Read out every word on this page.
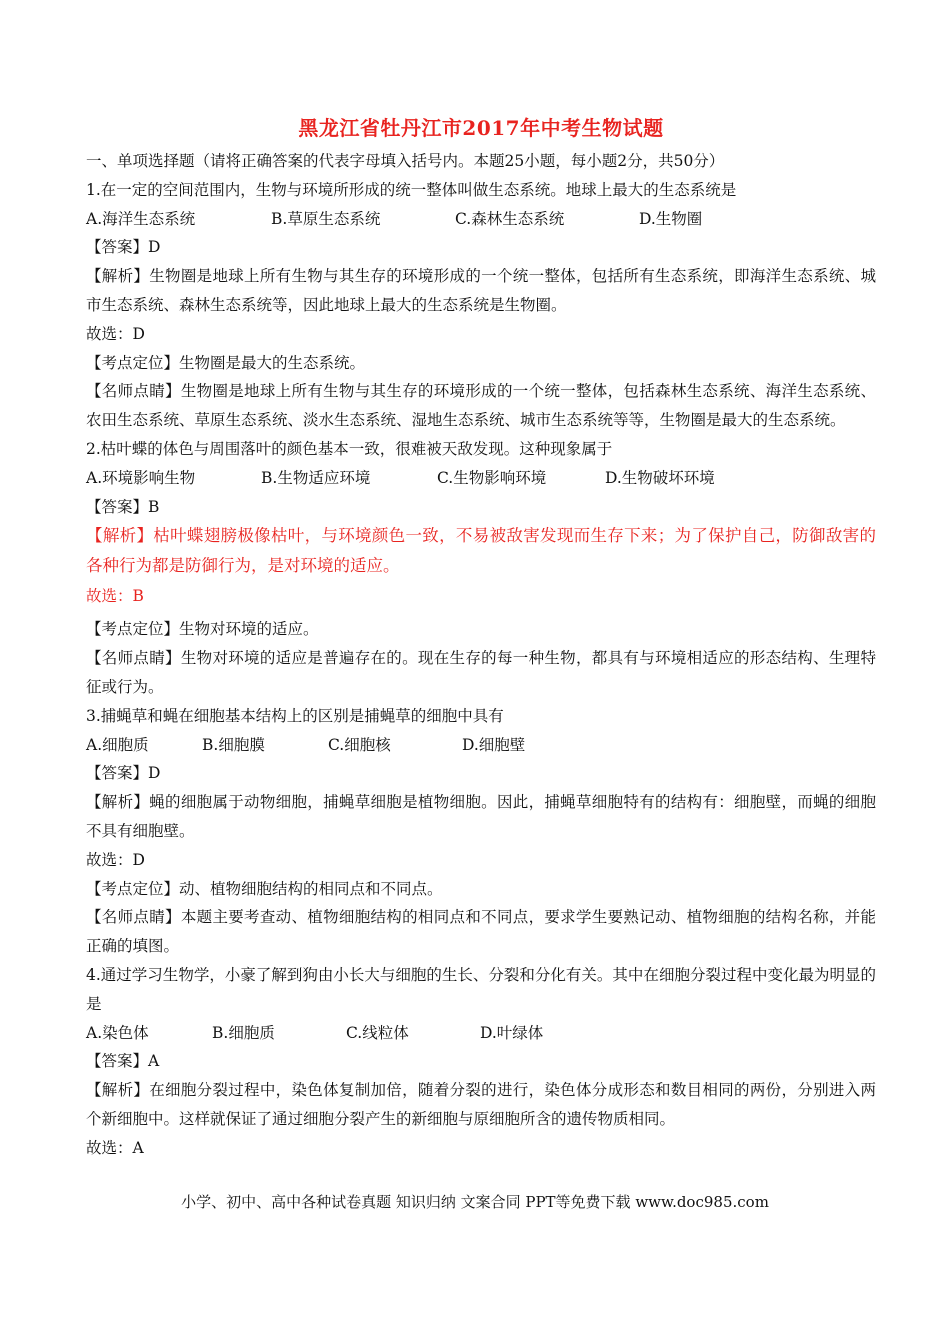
黑龙江省牡丹江市2017年中考生物试题
一、单项选择题（请将正确答案的代表字母填入括号内。本题25小题，每小题2分，共50分）
1.在一定的空间范围内，生物与环境所形成的统一整体叫做生态系统。地球上最大的生态系统是
A.海洋生态系统	B.草原生态系统	C.森林生态系统	D.生物圈
【答案】D
【解析】生物圈是地球上所有生物与其生存的环境形成的一个统一整体，包括所有生态系统，即海洋生态系统、城市生态系统、森林生态系统等，因此地球上最大的生态系统是生物圈。
故选：D
【考点定位】生物圈是最大的生态系统。
【名师点睛】生物圈是地球上所有生物与其生存的环境形成的一个统一整体，包括森林生态系统、海洋生态系统、农田生态系统、草原生态系统、淡水生态系统、湿地生态系统、城市生态系统等等，生物圈是最大的生态系统。
2.枯叶蝶的体色与周围落叶的颜色基本一致，很难被天敌发现。这种现象属于
A.环境影响生物	B.生物适应环境	C.生物影响环境	D.生物破坏环境
【答案】B
【解析】枯叶蝶翅膀极像枯叶，与环境颜色一致，不易被敌害发现而生存下来；为了保护自己，防御敌害的各种行为都是防御行为，是对环境的适应。
故选：B
【考点定位】生物对环境的适应。
【名师点睛】生物对环境的适应是普遍存在的。现在生存的每一种生物，都具有与环境相适应的形态结构、生理特征或行为。
3.捕蝇草和蝇在细胞基本结构上的区别是捕蝇草的细胞中具有
A.细胞质	B.细胞膜	C.细胞核	D.细胞壁
【答案】D
【解析】蝇的细胞属于动物细胞，捕蝇草细胞是植物细胞。因此，捕蝇草细胞特有的结构有：细胞壁，而蝇的细胞不具有细胞壁。
故选：D
【考点定位】动、植物细胞结构的相同点和不同点。
【名师点睛】本题主要考查动、植物细胞结构的相同点和不同点，要求学生要熟记动、植物细胞的结构名称，并能正确的填图。
4.通过学习生物学，小豪了解到狗由小长大与细胞的生长、分裂和分化有关。其中在细胞分裂过程中变化最为明显的是
A.染色体	B.细胞质	C.线粒体	D.叶绿体
【答案】A
【解析】在细胞分裂过程中，染色体复制加倍，随着分裂的进行，染色体分成形态和数目相同的两份，分别进入两个新细胞中。这样就保证了通过细胞分裂产生的新细胞与原细胞所含的遗传物质相同。
故选：A
小学、初中、高中各种试卷真题 知识归纳 文案合同 PPT等免费下载 www.doc985.com
